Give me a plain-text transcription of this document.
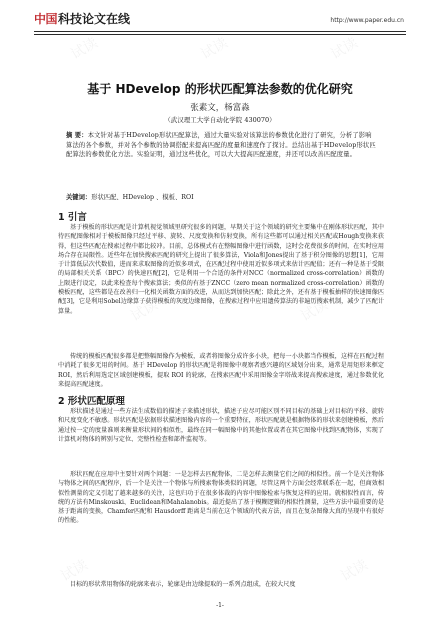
中国 科技论文在线	http://www.paper.edu.cn
试读	试读	试读
试读	试读
试读	试读
基于 HDevelop 的形状匹配算法参数的优化研究
张素文，杨富淼
（武汉理工大学自动化学院 430070）
摘 要：本文针对基于HDevelop形状匹配算法，通过大量实验对该算法的参数优化进行了研究，分析了影响算法的各个参数，并对各个参数的协调搭配来提高匹配的度量和速度作了探讨。总结出基于HDevelop形状匹配算法的参数优化方法。实验证明，通过这些优化，可以大大提高匹配速度，并还可以改善匹配度量。
关键词：形状匹配、HDevelop 、模板、ROI
1 引言
基于模板的形状匹配是计算机视觉领域里研究很多的问题，早期关于这个领域的研究主要集中在刚体形状匹配，其中待匹配图像相对于模板图像只经过平移、旋转、尺度变换和仿射变换，所有这些都可以通过相关匹配或Hough变换来获得，但这些匹配在搜索过程中都比较冲。目前，总体模式有在整幅图像中进行函数，这时会花费很多的时间，在实时应用场合存在局限性。近些年在加快搜索匹配的研究上提出了很多算法，Viola和Jones提出了基于积分图像的思想[1]，它用于计算低层次代数值，进而来求取图像的近似多项式，在匹配过程中使用近似多项式来估计匹配值；还有一种是基于受限的局部相关关系（BPC）的快速匹配[2]，它是利用一个合适的条件对NCC（normalized cross-correlation）函数的上限进行设定，以此来检查每个搜索算法；类似的有基于ZNCC（zero mean normalized cross-correlation）函数的模板匹配，这些都是在改善归一化相关函数方面的改进，从而达到加快匹配；除此之外，还有基于模板抽样的快速图像匹配[3]，它是利用Sobel边缘算子获得模板的灰度边缘图像，在搜索过程中应用遗传算法的非遍历搜索机制，减少了匹配计算量。
传统的模板匹配很多都是把整幅图像作为模板，或者将图像分成许多小块，把每一小块都当作模板，这样在匹配过程中消耗了很多无用的时间。基于 HDevelop 的形状匹配是将图像中观察者感兴趣的区域划分出来，通常是用矩形来框定ROI，然后利用选定区域创建模板，提取 ROI 的轮廓，在搜索匹配中采用图像金字塔战来提高搜索速度，通过参数优化来提高匹配速度。
2 形状匹配原理
形状描述是通过一些方法生成数值的描述子来描述形状，描述子应尽可能区别不同目标的基础上对目标的平移、旋转和尺度变化不敏感。形状匹配是依据形状描述图像内容的一个重要特征，形状匹配就是根据物体的形状来创建模板，然后通过按一定的度量准则来衡量形状间的相似性，最终在同一幅图像中的其他位置或者在其它图像中找到匹配物体，实现了计算机对物体的辨别与定位、完整性检查和部件监视等。
形状匹配在应用中主要针对两个问题：一是怎样去匹配物体，二是怎样去测量它们之间的相似性。前一个是关注物体与物体之间的匹配程序，后一个是关注一个物体与所搜索物体类似的问题，尽管这两个方面会经常联系在一起，但商效相似性测量的定义引起了越来越多的关注，这也归功于在很多体裁的内容中图像检索与恢复这样的应用。就相似性而言，传统的方法有Minskouski、Euclidean和Mahalanobis。最近提出了基于模糊逻辑的相似性测量，这些方法中最重要的是基于距离的变换，Chamfer匹配和 Hausdorff 距离是当前在这个领域的代表方法，而且在复杂图像大真的呈现中有很好的性能。
目标的形状常用物体的轮廓来表示，轮廓是由边缘提取的一系列点组成，在较大尺度
-1-
